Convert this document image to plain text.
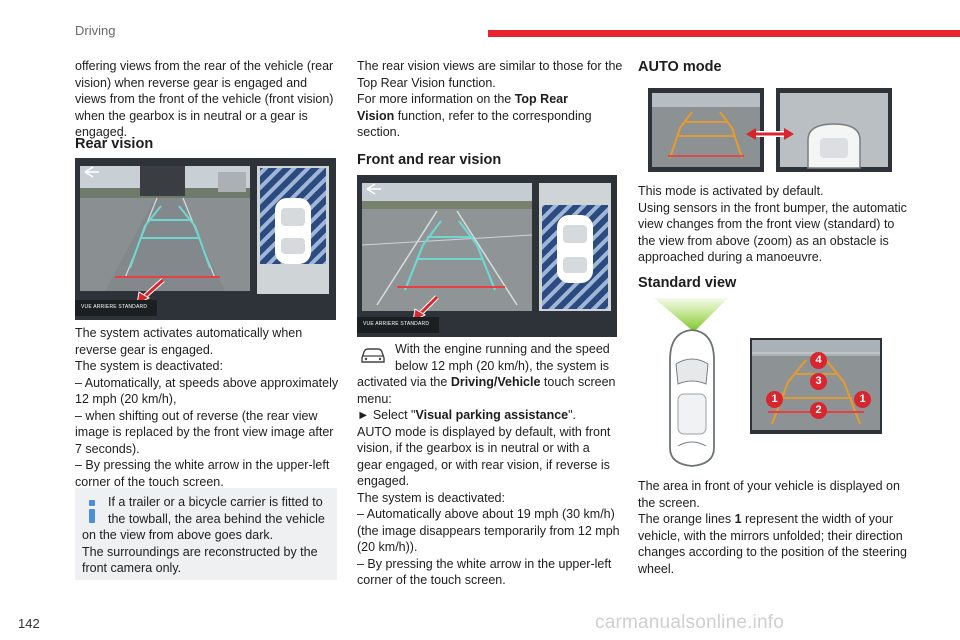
Driving

offering views from the rear of the vehicle (rear vision) when reverse gear is engaged and views from the front of the vehicle (front vision) when the gearbox is in neutral or a gear is engaged.

Rear vision
VUE ARRIERE STANDARD
The system activates automatically when
reverse gear is engaged.
The system is deactivated:
– Automatically, at speeds above approximately
12 mph (20 km/h),
– when shifting out of reverse (the rear view
image is replaced by the front view image after
7 seconds).
– By pressing the white arrow in the upper-left
corner of the touch screen.
If a trailer or a bicycle carrier is fitted to
the towball, the area behind the vehicle
on the view from above goes dark.
The surroundings are reconstructed by the
front camera only.
The rear vision views are similar to those for the
Top Rear Vision function.
For more information on the Top Rear
Vision function, refer to the corresponding
section.
Front and rear vision
VUE ARRIERE STANDARD
With the engine running and the speed
below 12 mph (20 km/h), the system is
activated via the Driving/Vehicle touch screen
menu:
► Select "Visual parking assistance".
AUTO mode is displayed by default, with front
vision, if the gearbox is in neutral or with a
gear engaged, or with rear vision, if reverse is
engaged.
The system is deactivated:
– Automatically above about 19 mph (30 km/h)
(the image disappears temporarily from 12 mph
(20 km/h)).
– By pressing the white arrow in the upper-left
corner of the touch screen.
AUTO mode
This mode is activated by default.
Using sensors in the front bumper, the automatic
view changes from the front view (standard) to
the view from above (zoom) as an obstacle is
approached during a manoeuvre.
Standard view
4
3
1
2
1
The area in front of your vehicle is displayed on
the screen.
The orange lines 1 represent the width of your
vehicle, with the mirrors unfolded; their direction
changes according to the position of the steering
wheel.
142	carmanualsonline.info
